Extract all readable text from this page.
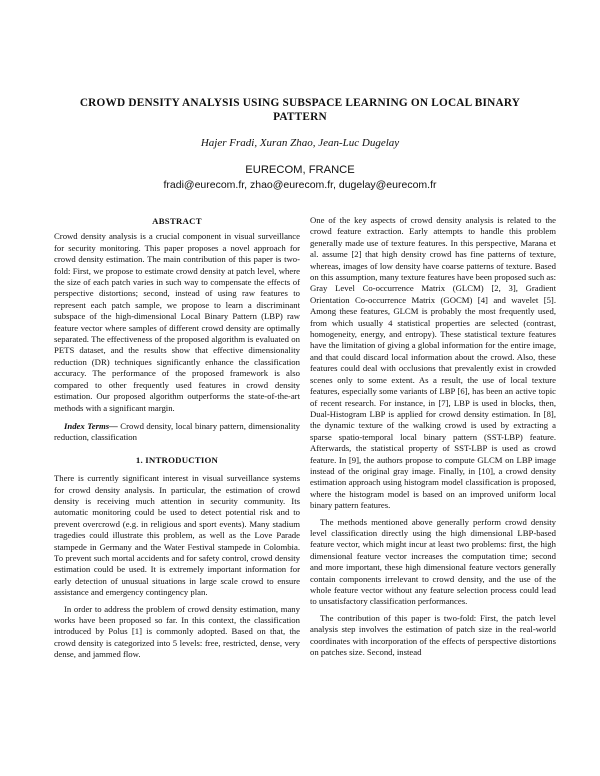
CROWD DENSITY ANALYSIS USING SUBSPACE LEARNING ON LOCAL BINARY PATTERN
Hajer Fradi, Xuran Zhao, Jean-Luc Dugelay
EURECOM, FRANCE
fradi@eurecom.fr, zhao@eurecom.fr, dugelay@eurecom.fr
ABSTRACT

Crowd density analysis is a crucial component in visual surveillance for security monitoring. This paper proposes a novel approach for crowd density estimation. The main contribution of this paper is two-fold: First, we propose to estimate crowd density at patch level, where the size of each patch varies in such way to compensate the effects of perspective distortions; second, instead of using raw features to represent each patch sample, we propose to learn a discriminant subspace of the high-dimensional Local Binary Pattern (LBP) raw feature vector where samples of different crowd density are optimally separated. The effectiveness of the proposed algorithm is evaluated on PETS dataset, and the results show that effective dimensionality reduction (DR) techniques significantly enhance the classification accuracy. The performance of the proposed framework is also compared to other frequently used features in crowd density estimation. Our proposed algorithm outperforms the state-of-the-art methods with a significant margin.

Index Terms— Crowd density, local binary pattern, dimensionality reduction, classification

1. INTRODUCTION

There is currently significant interest in visual surveillance systems for crowd density analysis. In particular, the estimation of crowd density is receiving much attention in security community. Its automatic monitoring could be used to detect potential risk and to prevent overcrowd (e.g. in religious and sport events). Many stadium tragedies could illustrate this problem, as well as the Love Parade stampede in Germany and the Water Festival stampede in Colombia. To prevent such mortal accidents and for safety control, crowd density estimation could be used. It is extremely important information for early detection of unusual situations in large scale crowd to ensure assistance and emergency contingency plan.

In order to address the problem of crowd density estimation, many works have been proposed so far. In this context, the classification introduced by Polus [1] is commonly adopted. Based on that, the crowd density is categorized into 5 levels: free, restricted, dense, very dense, and jammed flow.

One of the key aspects of crowd density analysis is related to the crowd feature extraction. Early attempts to handle this problem generally made use of texture features. In this perspective, Marana et al. assume [2] that high density crowd has fine patterns of texture, whereas, images of low density have coarse patterns of texture. Based on this assumption, many texture features have been proposed such as: Gray Level Co-occurrence Matrix (GLCM) [2, 3], Gradient Orientation Co-occurrence Matrix (GOCM) [4] and wavelet [5]. Among these features, GLCM is probably the most frequently used, from which usually 4 statistical properties are selected (contrast, homogeneity, energy, and entropy). These statistical texture features have the limitation of giving a global information for the entire image, and that could discard local information about the crowd. Also, these features could deal with occlusions that prevalently exist in crowded scenes only to some extent. As a result, the use of local texture features, especially some variants of LBP [6], has been an active topic of recent research. For instance, in [7], LBP is used in blocks, then, Dual-Histogram LBP is applied for crowd density estimation. In [8], the dynamic texture of the walking crowd is used by extracting a sparse spatio-temporal local binary pattern (SST-LBP) feature. Afterwards, the statistical property of SST-LBP is used as crowd feature. In [9], the authors propose to compute GLCM on LBP image instead of the original gray image. Finally, in [10], a crowd density estimation approach using histogram model classification is proposed, where the histogram model is based on an improved uniform local binary pattern features.

The methods mentioned above generally perform crowd density level classification directly using the high dimensional LBP-based feature vector, which might incur at least two problems: first, the high dimensional feature vector increases the computation time; second and more important, these high dimensional feature vectors generally contain components irrelevant to crowd density, and the use of the whole feature vector without any feature selection process could lead to unsatisfactory classification performances.

The contribution of this paper is two-fold: First, the patch level analysis step involves the estimation of patch size in the real-world coordinates with incorporation of the effects of perspective distortions on patches size. Second, instead
